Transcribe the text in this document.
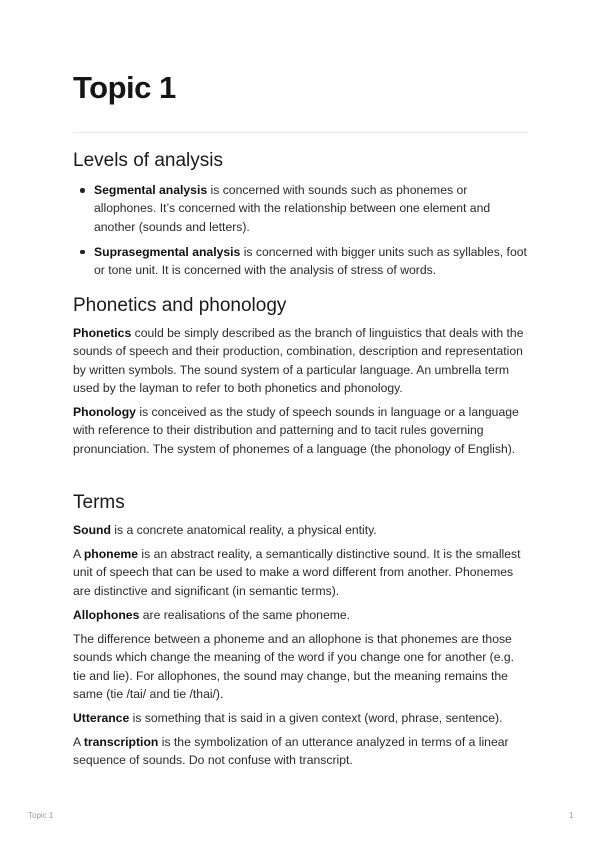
Topic 1
Levels of analysis
Segmental analysis is concerned with sounds such as phonemes or allophones. It’s concerned with the relationship between one element and another (sounds and letters).
Suprasegmental analysis is concerned with bigger units such as syllables, foot or tone unit. It is concerned with the analysis of stress of words.
Phonetics and phonology

Phonetics could be simply described as the branch of linguistics that deals with the sounds of speech and their production, combination, description and representation by written symbols. The sound system of a particular language. An umbrella term used by the layman to refer to both phonetics and phonology.

Phonology is conceived as the study of speech sounds in language or a language with reference to their distribution and patterning and to tacit rules governing pronunciation. The system of phonemes of a language (the phonology of English).

Terms

Sound is a concrete anatomical reality, a physical entity.

A phoneme is an abstract reality, a semantically distinctive sound. It is the smallest unit of speech that can be used to make a word different from another. Phonemes are distinctive and significant (in semantic terms).

Allophones are realisations of the same phoneme.

The difference between a phoneme and an allophone is that phonemes are those sounds which change the meaning of the word if you change one for another (e.g. tie and lie). For allophones, the sound may change, but the meaning remains the same (tie /tai/ and tie /thai/).

Utterance is something that is said in a given context (word, phrase, sentence).

A transcription is the symbolization of an utterance analyzed in terms of a linear sequence of sounds. Do not confuse with transcript.

Topic 1	1
